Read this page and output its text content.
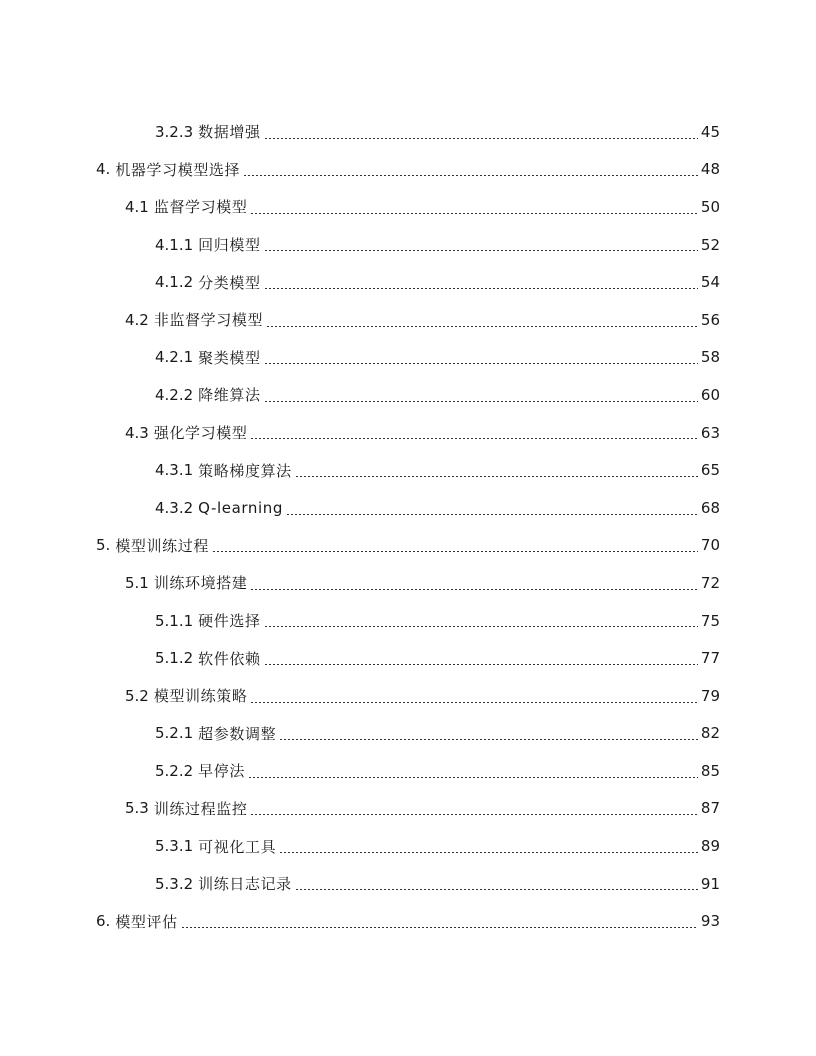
3.2.3 数据增强	45
4. 机器学习模型选择	48
4.1 监督学习模型	50
4.1.1 回归模型	52
4.1.2 分类模型	54
4.2 非监督学习模型	56
4.2.1 聚类模型	58
4.2.2 降维算法	60
4.3 强化学习模型	63
4.3.1 策略梯度算法	65
4.3.2 Q-learning	68
5. 模型训练过程	70
5.1 训练环境搭建	72
5.1.1 硬件选择	75
5.1.2 软件依赖	77
5.2 模型训练策略	79
5.2.1 超参数调整	82
5.2.2 早停法	85
5.3 训练过程监控	87
5.3.1 可视化工具	89
5.3.2 训练日志记录	91
6. 模型评估	93
